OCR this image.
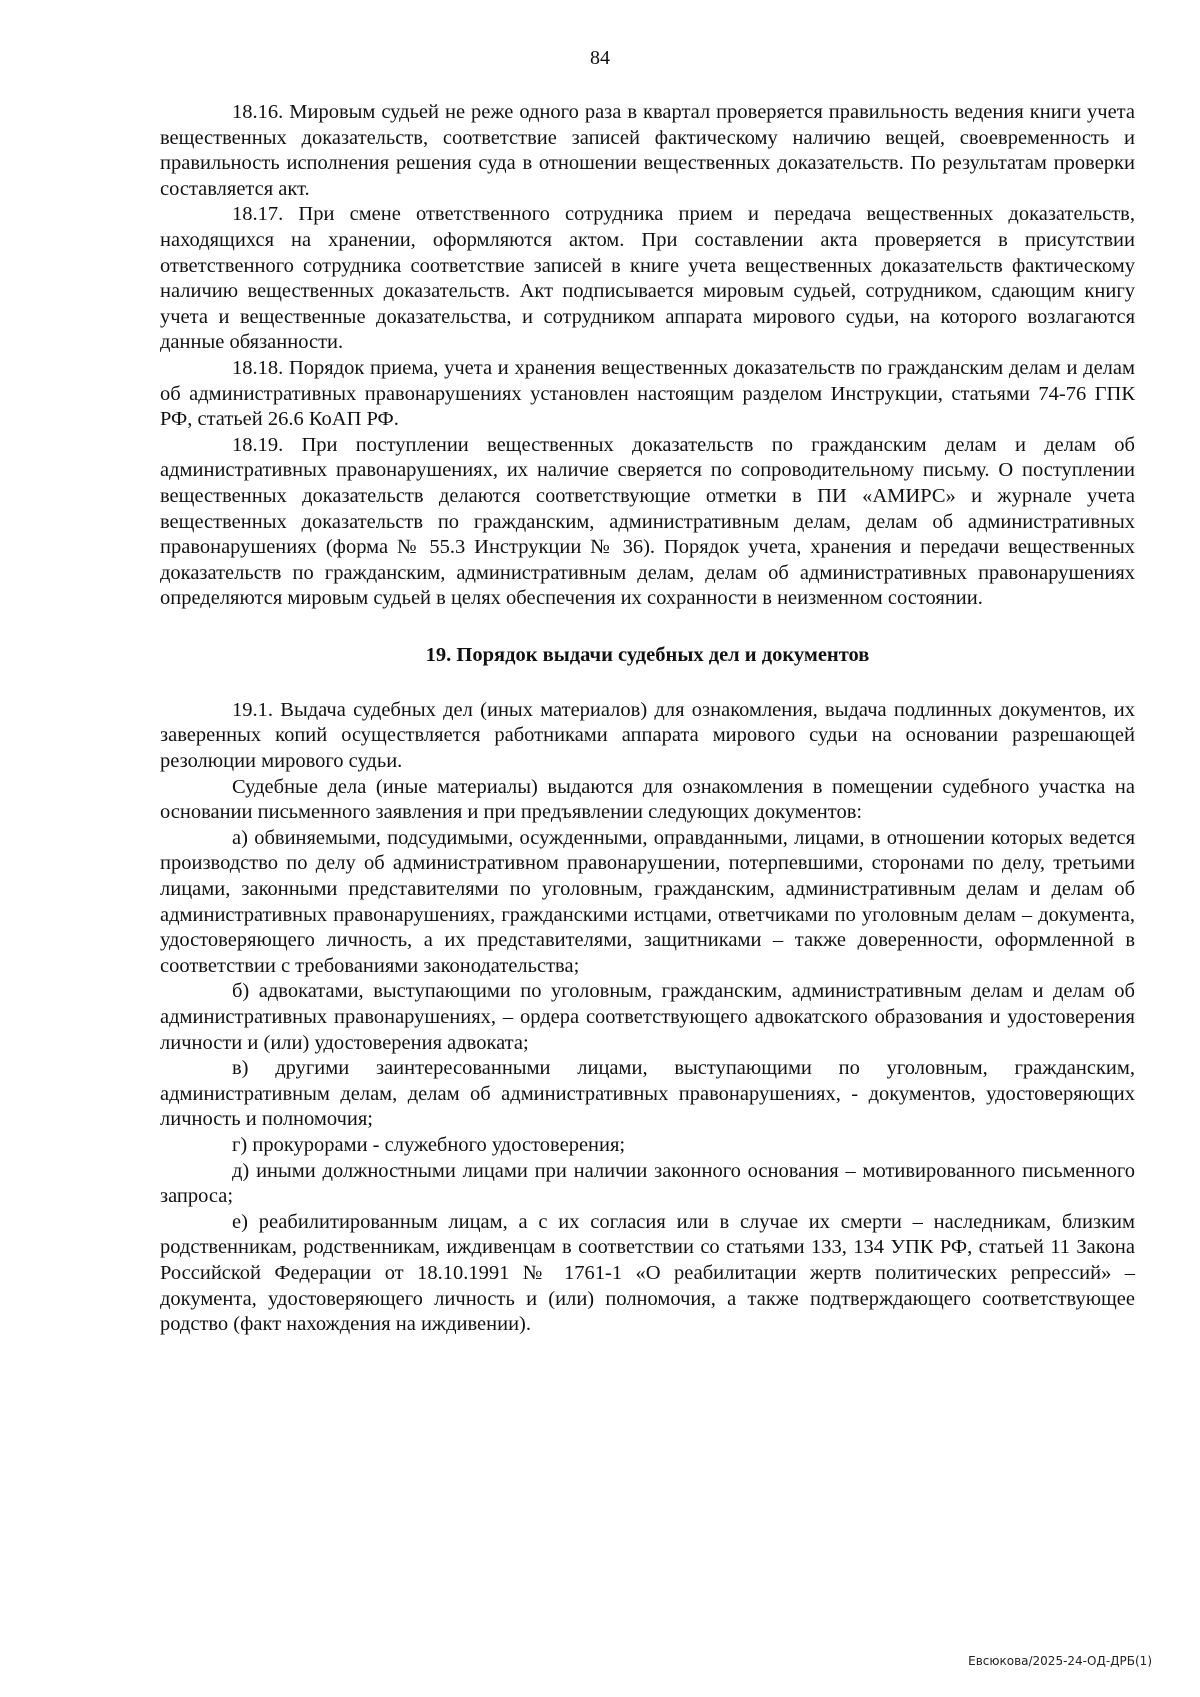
84

18.16. Мировым судьей не реже одного раза в квартал проверяется правильность ведения книги учета вещественных доказательств, соответствие записей фактическому наличию вещей, своевременность и правильность исполнения решения суда в отношении вещественных доказательств. По результатам проверки составляется акт.

18.17. При смене ответственного сотрудника прием и передача вещественных доказательств, находящихся на хранении, оформляются актом. При составлении акта проверяется в присутствии ответственного сотрудника соответствие записей в книге учета вещественных доказательств фактическому наличию вещественных доказательств. Акт подписывается мировым судьей, сотрудником, сдающим книгу учета и вещественные доказательства, и сотрудником аппарата мирового судьи, на которого возлагаются данные обязанности.

18.18. Порядок приема, учета и хранения вещественных доказательств по гражданским делам и делам об административных правонарушениях установлен настоящим разделом Инструкции, статьями 74-76 ГПК РФ, статьей 26.6 КоАП РФ.

18.19. При поступлении вещественных доказательств по гражданским делам и делам об административных правонарушениях, их наличие сверяется по сопроводительному письму. О поступлении вещественных доказательств делаются соответствующие отметки в ПИ «АМИРС» и журнале учета вещественных доказательств по гражданским, административным делам, делам об административных правонарушениях (форма № 55.3 Инструкции № 36). Порядок учета, хранения и передачи вещественных доказательств по гражданским, административным делам, делам об административных правонарушениях определяются мировым судьей в целях обеспечения их сохранности в неизменном состоянии.

19. Порядок выдачи судебных дел и документов

19.1. Выдача судебных дел (иных материалов) для ознакомления, выдача подлинных документов, их заверенных копий осуществляется работниками аппарата мирового судьи на основании разрешающей резолюции мирового судьи.

Судебные дела (иные материалы) выдаются для ознакомления в помещении судебного участка на основании письменного заявления и при предъявлении следующих документов:

а) обвиняемыми, подсудимыми, осужденными, оправданными, лицами, в отношении которых ведется производство по делу об административном правонарушении, потерпевшими, сторонами по делу, третьими лицами, законными представителями по уголовным, гражданским, административным делам и делам об административных правонарушениях, гражданскими истцами, ответчиками по уголовным делам – документа, удостоверяющего личность, а их представителями, защитниками – также доверенности, оформленной в соответствии с требованиями законодательства;

б) адвокатами, выступающими по уголовным, гражданским, административным делам и делам об административных правонарушениях, – ордера соответствующего адвокатского образования и удостоверения личности и (или) удостоверения адвоката;

в) другими заинтересованными лицами, выступающими по уголовным, гражданским, административным делам, делам об административных правонарушениях, - документов, удостоверяющих личность и полномочия;

г) прокурорами - служебного удостоверения;

д) иными должностными лицами при наличии законного основания – мотивированного письменного запроса;

е) реабилитированным лицам, а с их согласия или в случае их смерти – наследникам, близким родственникам, родственникам, иждивенцам в соответствии со статьями 133, 134 УПК РФ, статьей 11 Закона Российской Федерации от 18.10.1991 № 1761-1 «О реабилитации жертв политических репрессий» – документа, удостоверяющего личность и (или) полномочия, а также подтверждающего соответствующее родство (факт нахождения на иждивении).

Евсюкова/2025-24-ОД-ДРБ(1)
